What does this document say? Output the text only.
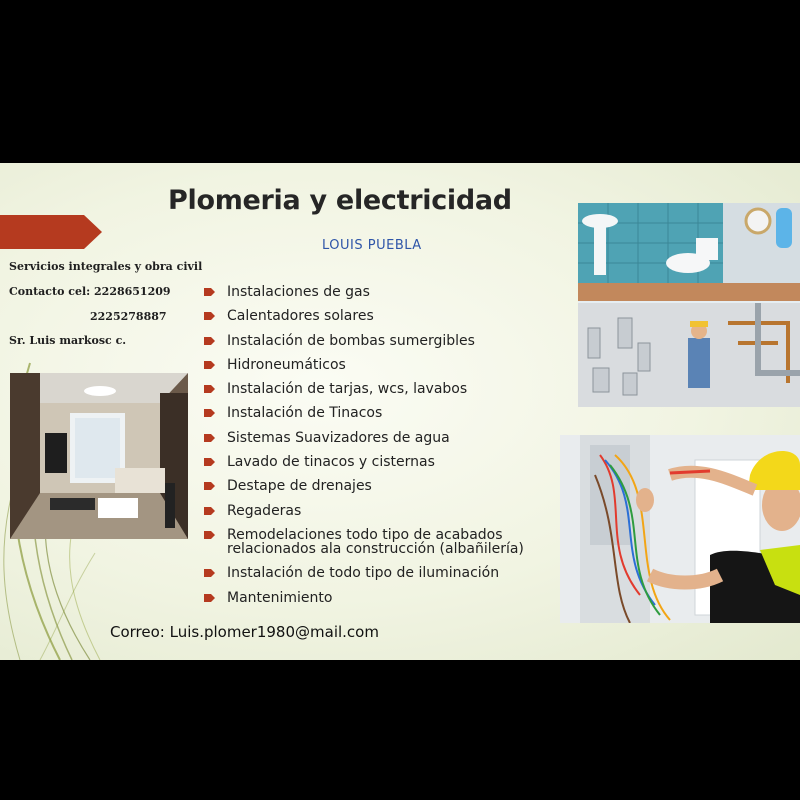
Plomeria y electricidad
LOUIS PUEBLA
Servicios integrales y obra civil
Contacto cel: 2228651209
2225278887
Sr. Luis markosc c.
Instalaciones de gas
Calentadores solares
Instalación de bombas sumergibles
Hidroneumáticos
Instalación de tarjas, wcs, lavabos
Instalación de Tinacos
Sistemas Suavizadores de agua
Lavado de tinacos y cisternas
Destape de drenajes
Regaderas
Remodelaciones todo tipo de acabados relacionados ala construcción (albañilería)
Instalación de todo tipo de iluminación
Mantenimiento
Correo: Luis.plomer1980@mail.com
